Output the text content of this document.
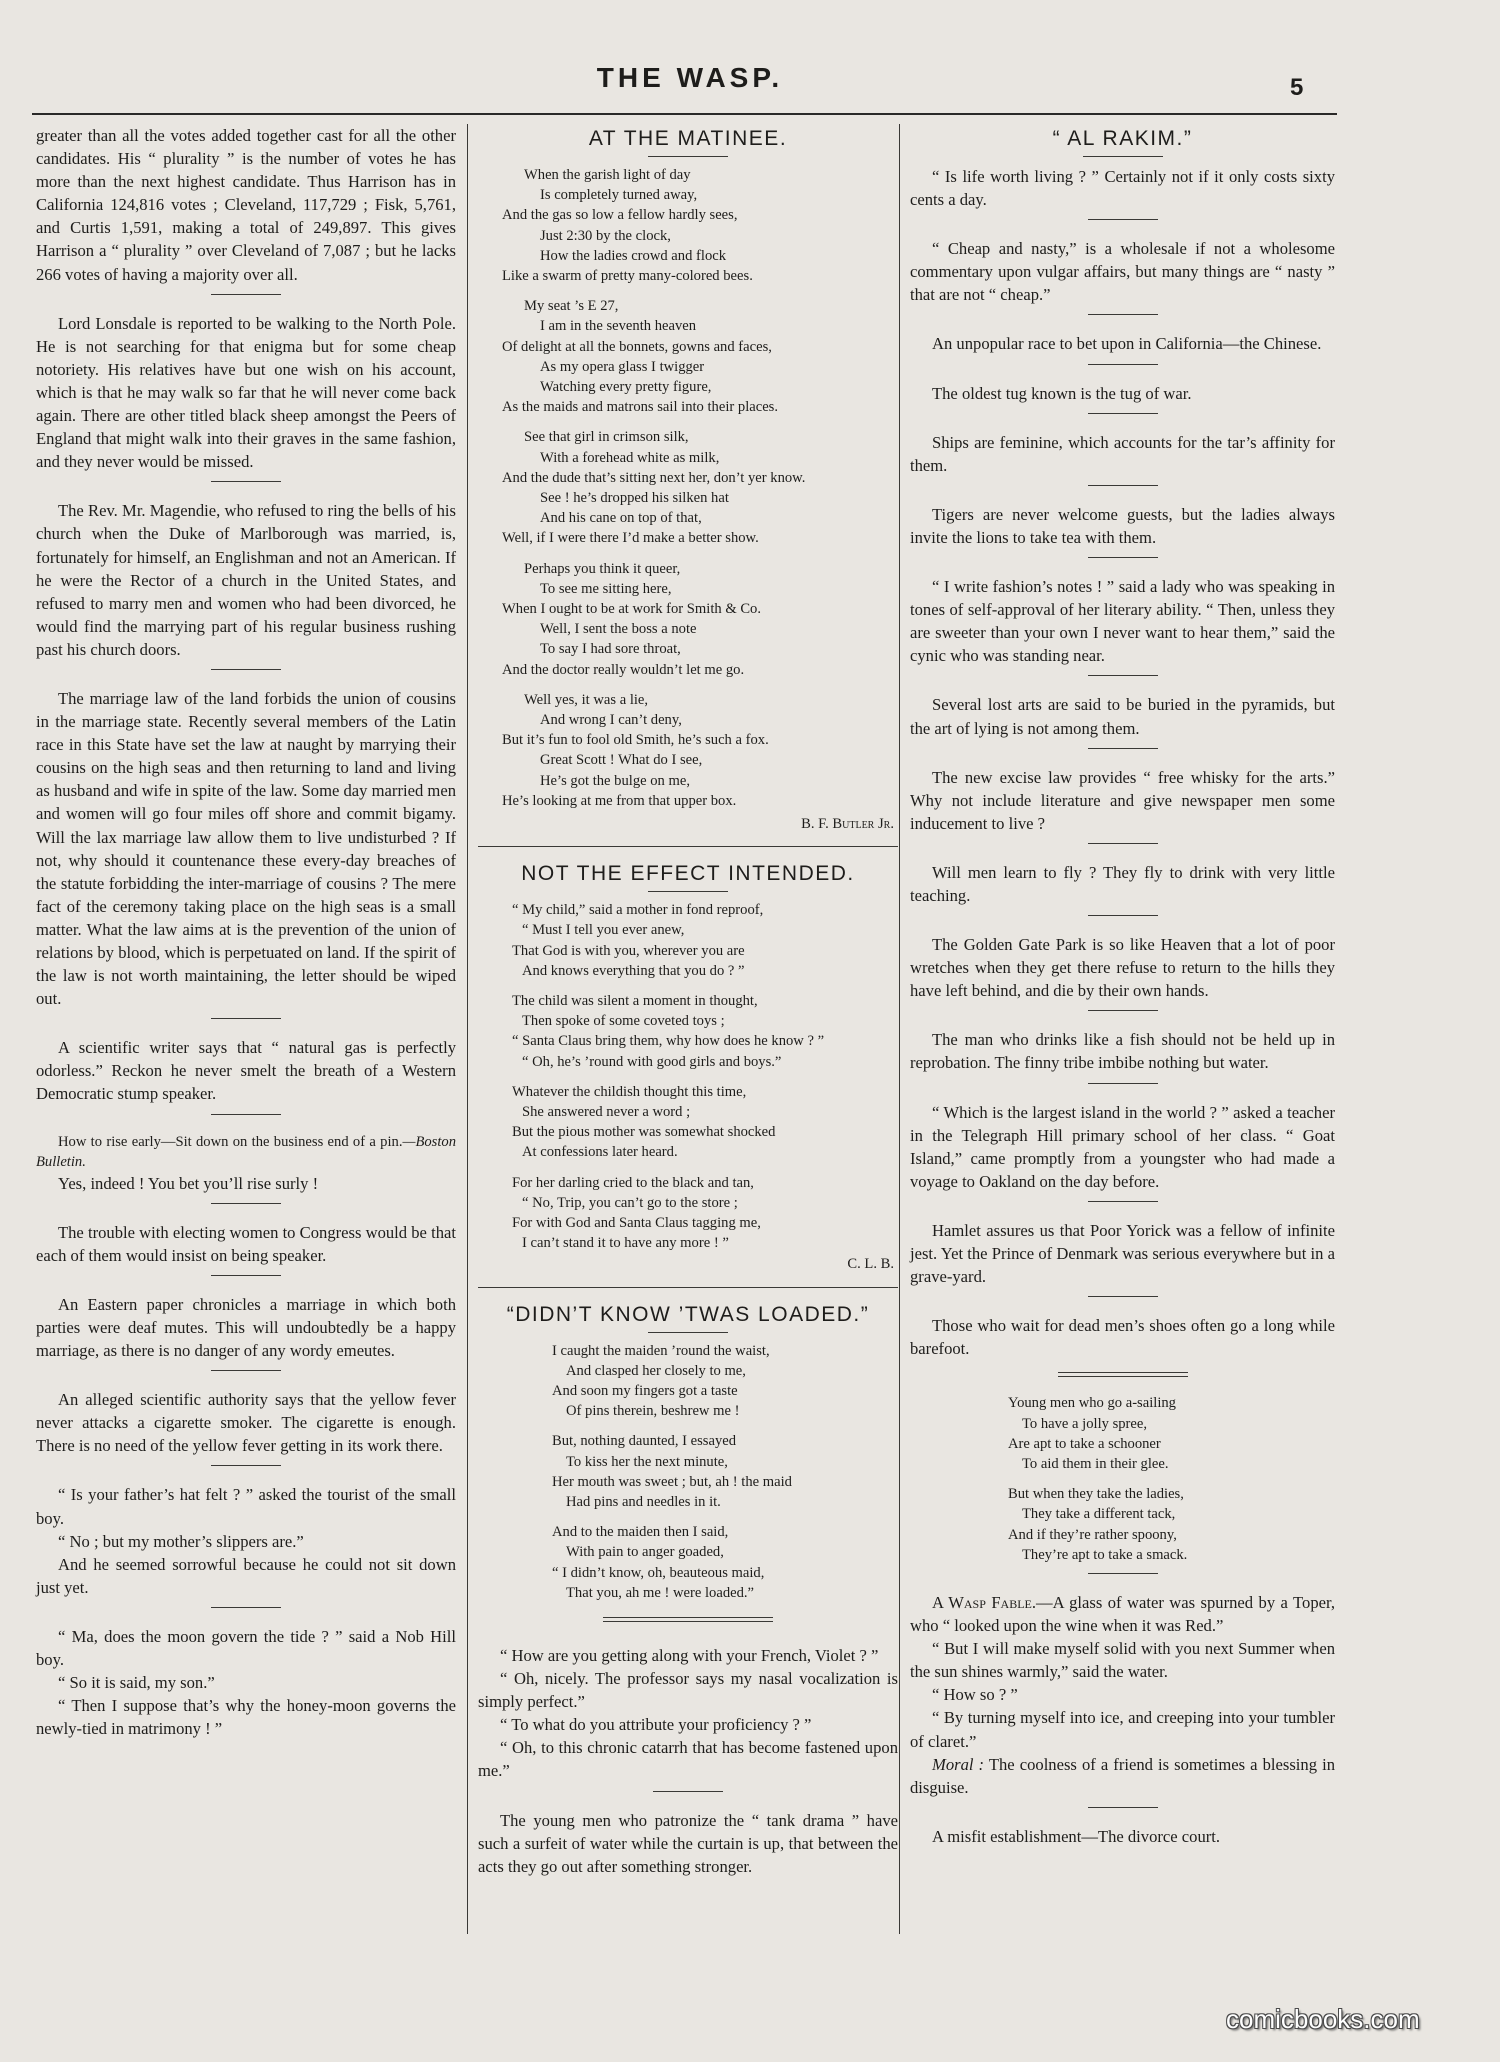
THE WASP.	5

greater than all the votes added together cast for all the other candidates. His “ plurality ” is the number of votes he has more than the next highest candidate. Thus Harrison has in California 124,816 votes ; Cleveland, 117,729 ; Fisk, 5,761, and Curtis 1,591, making a total of 249,897. This gives Harrison a “ plurality ” over Cleveland of 7,087 ; but he lacks 266 votes of having a majority over all.

Lord Lonsdale is reported to be walking to the North Pole. He is not searching for that enigma but for some cheap notoriety. His relatives have but one wish on his account, which is that he may walk so far that he will never come back again. There are other titled black sheep amongst the Peers of England that might walk into their graves in the same fashion, and they never would be missed.

The Rev. Mr. Magendie, who refused to ring the bells of his church when the Duke of Marlborough was married, is, fortunately for himself, an Englishman and not an American. If he were the Rector of a church in the United States, and refused to marry men and women who had been divorced, he would find the marrying part of his regular business rushing past his church doors.

The marriage law of the land forbids the union of cousins in the marriage state. Recently several members of the Latin race in this State have set the law at naught by marrying their cousins on the high seas and then returning to land and living as husband and wife in spite of the law. Some day married men and women will go four miles off shore and commit bigamy. Will the lax marriage law allow them to live undisturbed ? If not, why should it countenance these every-day breaches of the statute forbidding the inter-marriage of cousins ? The mere fact of the ceremony taking place on the high seas is a small matter. What the law aims at is the prevention of the union of relations by blood, which is perpetuated on land. If the spirit of the law is not worth maintaining, the letter should be wiped out.

A scientific writer says that “ natural gas is perfectly odorless.” Reckon he never smelt the breath of a Western Democratic stump speaker.

How to rise early—Sit down on the business end of a pin.—Boston Bulletin.

Yes, indeed ! You bet you’ll rise surly !

The trouble with electing women to Congress would be that each of them would insist on being speaker.

An Eastern paper chronicles a marriage in which both parties were deaf mutes. This will undoubtedly be a happy marriage, as there is no danger of any wordy emeutes.

An alleged scientific authority says that the yellow fever never attacks a cigarette smoker. The cigarette is enough. There is no need of the yellow fever getting in its work there.

“ Is your father’s hat felt ? ” asked the tourist of the small boy.

“ No ; but my mother’s slippers are.”

And he seemed sorrowful because he could not sit down just yet.

“ Ma, does the moon govern the tide ? ” said a Nob Hill boy.

“ So it is said, my son.”

“ Then I suppose that’s why the honey-moon governs the newly-tied in matrimony ! ”

AT THE MATINEE.
When the garish light of day
Is completely turned away,
And the gas so low a fellow hardly sees,
Just 2:30 by the clock,
How the ladies crowd and flock
Like a swarm of pretty many-colored bees.
My seat ’s E 27,
I am in the seventh heaven
Of delight at all the bonnets, gowns and faces,
As my opera glass I twigger
Watching every pretty figure,
As the maids and matrons sail into their places.
See that girl in crimson silk,
With a forehead white as milk,
And the dude that’s sitting next her, don’t yer know.
See ! he’s dropped his silken hat
And his cane on top of that,
Well, if I were there I’d make a better show.
Perhaps you think it queer,
To see me sitting here,
When I ought to be at work for Smith & Co.
Well, I sent the boss a note
To say I had sore throat,
And the doctor really wouldn’t let me go.
Well yes, it was a lie,
And wrong I can’t deny,
But it’s fun to fool old Smith, he’s such a fox.
Great Scott ! What do I see,
He’s got the bulge on me,
He’s looking at me from that upper box.
B. F. Butler Jr.
NOT THE EFFECT INTENDED.
“ My child,” said a mother in fond reproof,
“ Must I tell you ever anew,
That God is with you, wherever you are
And knows everything that you do ? ”
The child was silent a moment in thought,
Then spoke of some coveted toys ;
“ Santa Claus bring them, why how does he know ? ”
“ Oh, he’s ’round with good girls and boys.”
Whatever the childish thought this time,
She answered never a word ;
But the pious mother was somewhat shocked
At confessions later heard.
For her darling cried to the black and tan,
“ No, Trip, you can’t go to the store ;
For with God and Santa Claus tagging me,
I can’t stand it to have any more ! ”
C. L. B.
“DIDN’T KNOW ’TWAS LOADED.”
I caught the maiden ’round the waist,
And clasped her closely to me,
And soon my fingers got a taste
Of pins therein, beshrew me !
But, nothing daunted, I essayed
To kiss her the next minute,
Her mouth was sweet ; but, ah ! the maid
Had pins and needles in it.
And to the maiden then I said,
With pain to anger goaded,
“ I didn’t know, oh, beauteous maid,
That you, ah me ! were loaded.”

“ How are you getting along with your French, Violet ? ”

“ Oh, nicely. The professor says my nasal vocalization is simply perfect.”

“ To what do you attribute your proficiency ? ”

“ Oh, to this chronic catarrh that has become fastened upon me.”

The young men who patronize the “ tank drama ” have such a surfeit of water while the curtain is up, that between the acts they go out after something stronger.

“ AL RAKIM.”

“ Is life worth living ? ” Certainly not if it only costs sixty cents a day.

“ Cheap and nasty,” is a wholesale if not a wholesome commentary upon vulgar affairs, but many things are “ nasty ” that are not “ cheap.”

An unpopular race to bet upon in California—the Chinese.

The oldest tug known is the tug of war.

Ships are feminine, which accounts for the tar’s affinity for them.

Tigers are never welcome guests, but the ladies always invite the lions to take tea with them.

“ I write fashion’s notes ! ” said a lady who was speaking in tones of self-approval of her literary ability. “ Then, unless they are sweeter than your own I never want to hear them,” said the cynic who was standing near.

Several lost arts are said to be buried in the pyramids, but the art of lying is not among them.

The new excise law provides “ free whisky for the arts.” Why not include literature and give newspaper men some inducement to live ?

Will men learn to fly ? They fly to drink with very little teaching.

The Golden Gate Park is so like Heaven that a lot of poor wretches when they get there refuse to return to the hills they have left behind, and die by their own hands.

The man who drinks like a fish should not be held up in reprobation. The finny tribe imbibe nothing but water.

“ Which is the largest island in the world ? ” asked a teacher in the Telegraph Hill primary school of her class. “ Goat Island,” came promptly from a youngster who had made a voyage to Oakland on the day before.

Hamlet assures us that Poor Yorick was a fellow of infinite jest. Yet the Prince of Denmark was serious everywhere but in a grave-yard.

Those who wait for dead men’s shoes often go a long while barefoot.

Young men who go a-sailing
To have a jolly spree,
Are apt to take a schooner
To aid them in their glee.
But when they take the ladies,
They take a different tack,
And if they’re rather spoony,
They’re apt to take a smack.

A Wasp Fable.—A glass of water was spurned by a Toper, who “ looked upon the wine when it was Red.”

“ But I will make myself solid with you next Summer when the sun shines warmly,” said the water.

“ How so ? ”

“ By turning myself into ice, and creeping into your tumbler of claret.”

Moral : The coolness of a friend is sometimes a blessing in disguise.

A misfit establishment—The divorce court.

comicbooks.com
